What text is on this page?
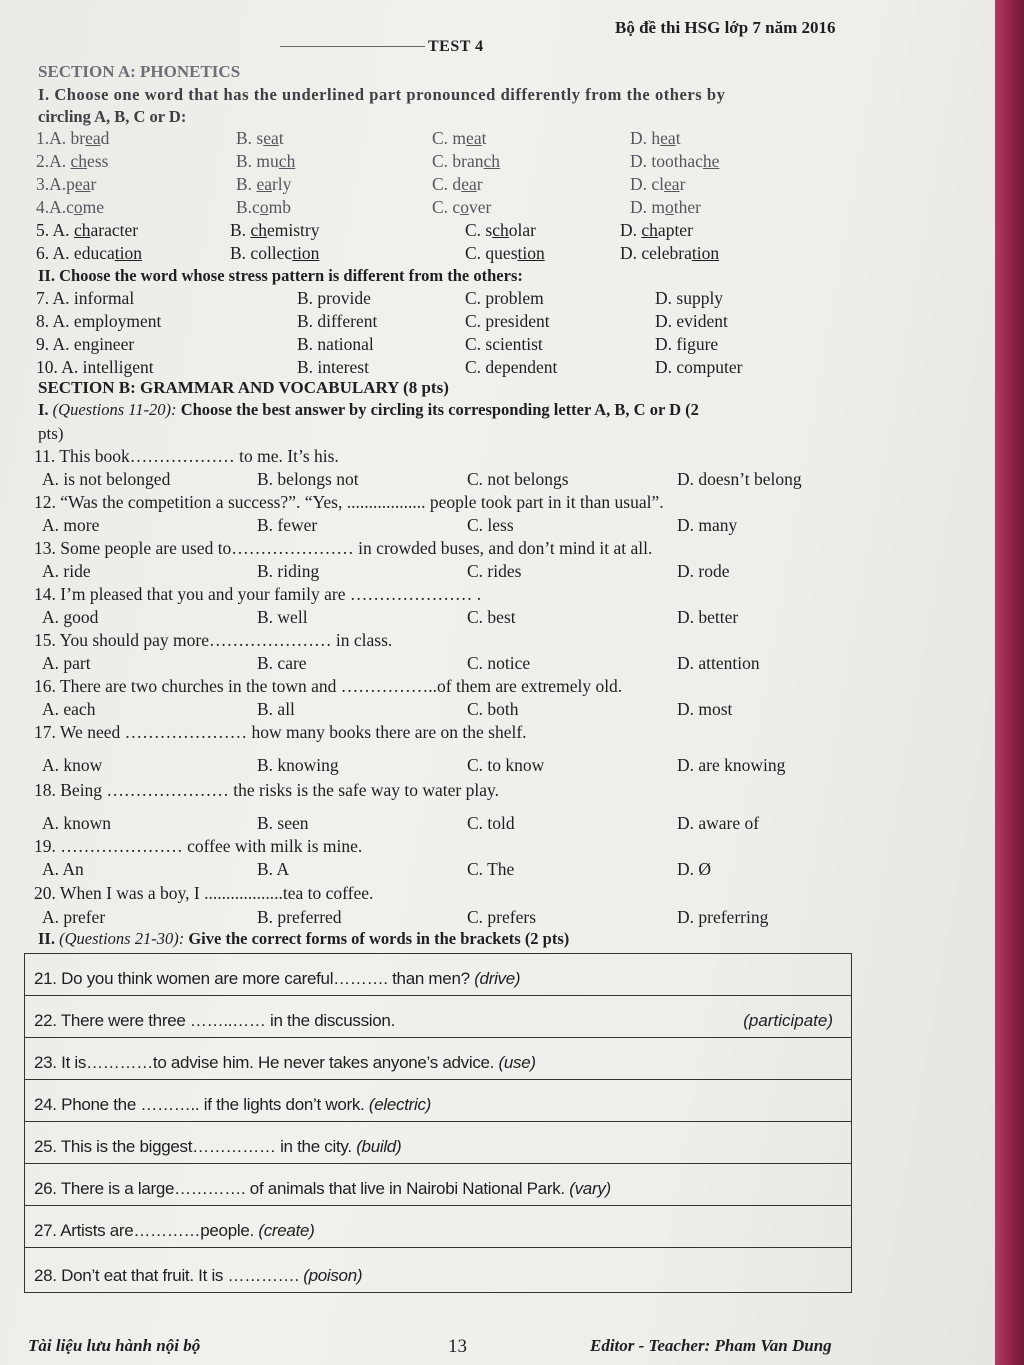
Bộ đề thi HSG lớp 7 năm 2016
TEST 4
SECTION A: PHONETICS
I. Choose one word that has the underlined part pronounced differently from the others by
circling A, B, C or D:
1.A. bread	B. seat	C. meat	D. heat
2.A. chess	B. much	C. branch	D. toothache
3.A.pear	B. early	C. dear	D. clear
4.A.come	B.comb	C. cover	D. mother
5. A. character	B. chemistry	C. scholar	D. chapter
6. A. education	B. collection	C. question	D. celebration
II. Choose the word whose stress pattern is different from the others:
7. A. informal	B. provide	C. problem	D. supply
8. A. employment	B. different	C. president	D. evident
9. A. engineer	B. national	C. scientist	D. figure
10. A. intelligent	B. interest	C. dependent	D. computer
SECTION B: GRAMMAR AND VOCABULARY (8 pts)
I. (Questions 11-20): Choose the best answer by circling its corresponding letter A, B, C or D (2
pts)
11. This book……………… to me. It’s his.
A. is not belonged	B. belongs not	C. not belongs	D. doesn’t belong
12. “Was the competition a success?”. “Yes, .................. people took part in it than usual”.
A. more	B. fewer	C. less	D. many
13. Some people are used to………………… in crowded buses, and don’t mind it at all.
A. ride	B. riding	C. rides	D. rode
14. I’m pleased that you and your family are ………………… .
A. good	B. well	C. best	D. better
15. You should pay more………………… in class.
A. part	B. care	C. notice	D. attention
16. There are two churches in the town and ……………..of them are extremely old.
A. each	B. all	C. both	D. most
17. We need ………………… how many books there are on the shelf.
A. know	B. knowing	C. to know	D. are knowing
18. Being ………………… the risks is the safe way to water play.
A. known	B. seen	C. told	D. aware of
19. ………………… coffee with milk is mine.
A. An	B. A	C. The	D. Ø
20. When I was a boy, I ..................tea to coffee.
A. prefer	B. preferred	C. prefers	D. preferring
II. (Questions 21-30): Give the correct forms of words in the brackets (2 pts)
21. Do you think women are more careful………. than men? (drive)
22. There were three ……..…… in the discussion.	(participate)
23. It is…………to advise him. He never takes anyone’s advice. (use)
24. Phone the ……….. if the lights don’t work. (electric)
25. This is the biggest…………… in the city. (build)
26. There is a large…………. of animals that live in Nairobi National Park. (vary)
27. Artists are…………people. (create)
28. Don’t eat that fruit. It is …………. (poison)
Tài liệu lưu hành nội bộ	13	Editor - Teacher: Pham Van Dung
